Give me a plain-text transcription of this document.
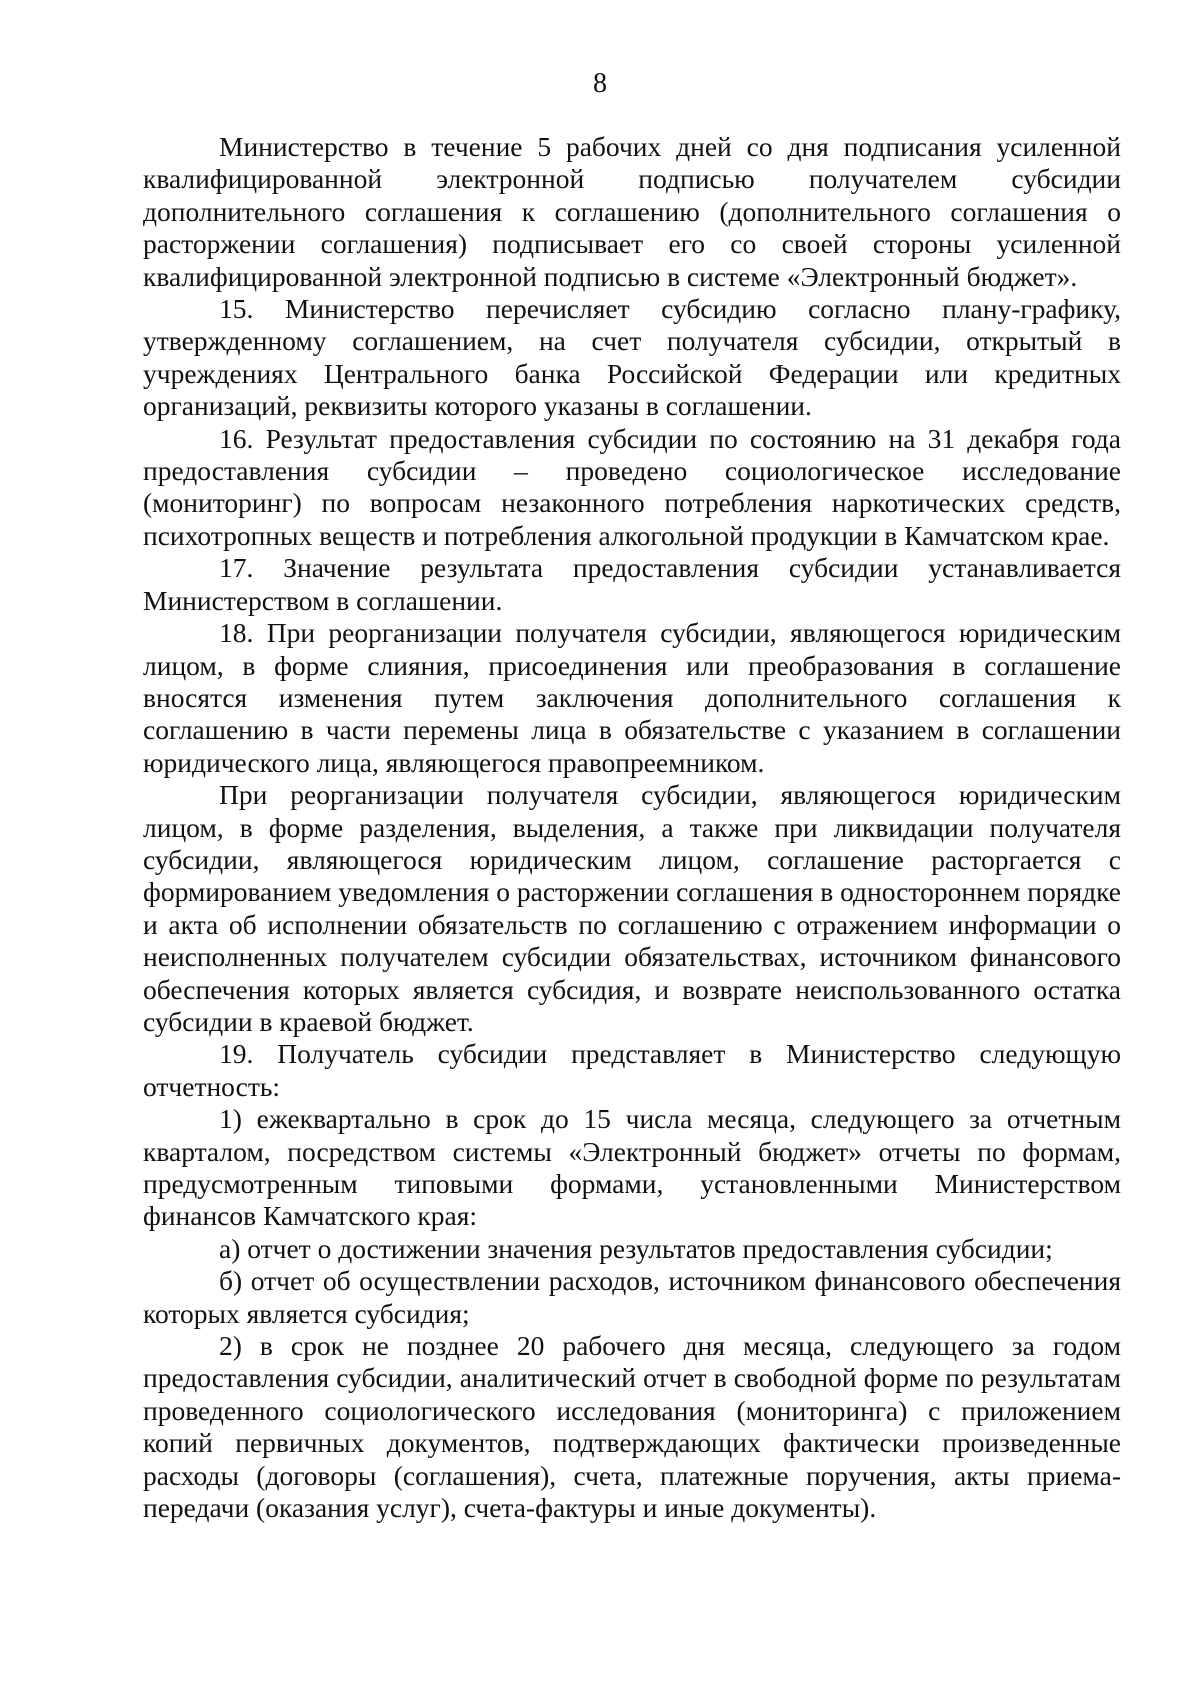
8

Министерство в течение 5 рабочих дней со дня подписания усиленной квалифицированной электронной подписью получателем субсидии дополнительного соглашения к соглашению (дополнительного соглашения о расторжении соглашения) подписывает его со своей стороны усиленной квалифицированной электронной подписью в системе «Электронный бюджет».

15. Министерство перечисляет субсидию согласно плану-графику, утвержденному соглашением, на счет получателя субсидии, открытый в учреждениях Центрального банка Российской Федерации или кредитных организаций, реквизиты которого указаны в соглашении.

16. Результат предоставления субсидии по состоянию на 31 декабря года предоставления субсидии – проведено социологическое исследование (мониторинг) по вопросам незаконного потребления наркотических средств, психотропных веществ и потребления алкогольной продукции в Камчатском крае.

17. Значение результата предоставления субсидии устанавливается Министерством в соглашении.

18. При реорганизации получателя субсидии, являющегося юридическим лицом, в форме слияния, присоединения или преобразования в соглашение вносятся изменения путем заключения дополнительного соглашения к соглашению в части перемены лица в обязательстве с указанием в соглашении юридического лица, являющегося правопреемником.

При реорганизации получателя субсидии, являющегося юридическим лицом, в форме разделения, выделения, а также при ликвидации получателя субсидии, являющегося юридическим лицом, соглашение расторгается с формированием уведомления о расторжении соглашения в одностороннем порядке и акта об исполнении обязательств по соглашению с отражением информации о неисполненных получателем субсидии обязательствах, источником финансового обеспечения которых является субсидия, и возврате неиспользованного остатка субсидии в краевой бюджет.

19. Получатель субсидии представляет в Министерство следующую отчетность:

1) ежеквартально в срок до 15 числа месяца, следующего за отчетным кварталом, посредством системы «Электронный бюджет» отчеты по формам, предусмотренным типовыми формами, установленными Министерством финансов Камчатского края:

а) отчет о достижении значения результатов предоставления субсидии;

б) отчет об осуществлении расходов, источником финансового обеспечения которых является субсидия;

2) в срок не позднее 20 рабочего дня месяца, следующего за годом предоставления субсидии, аналитический отчет в свободной форме по результатам проведенного социологического исследования (мониторинга) с приложением копий первичных документов, подтверждающих фактически произведенные расходы (договоры (соглашения), счета, платежные поручения, акты приема-передачи (оказания услуг), счета-фактуры и иные документы).
